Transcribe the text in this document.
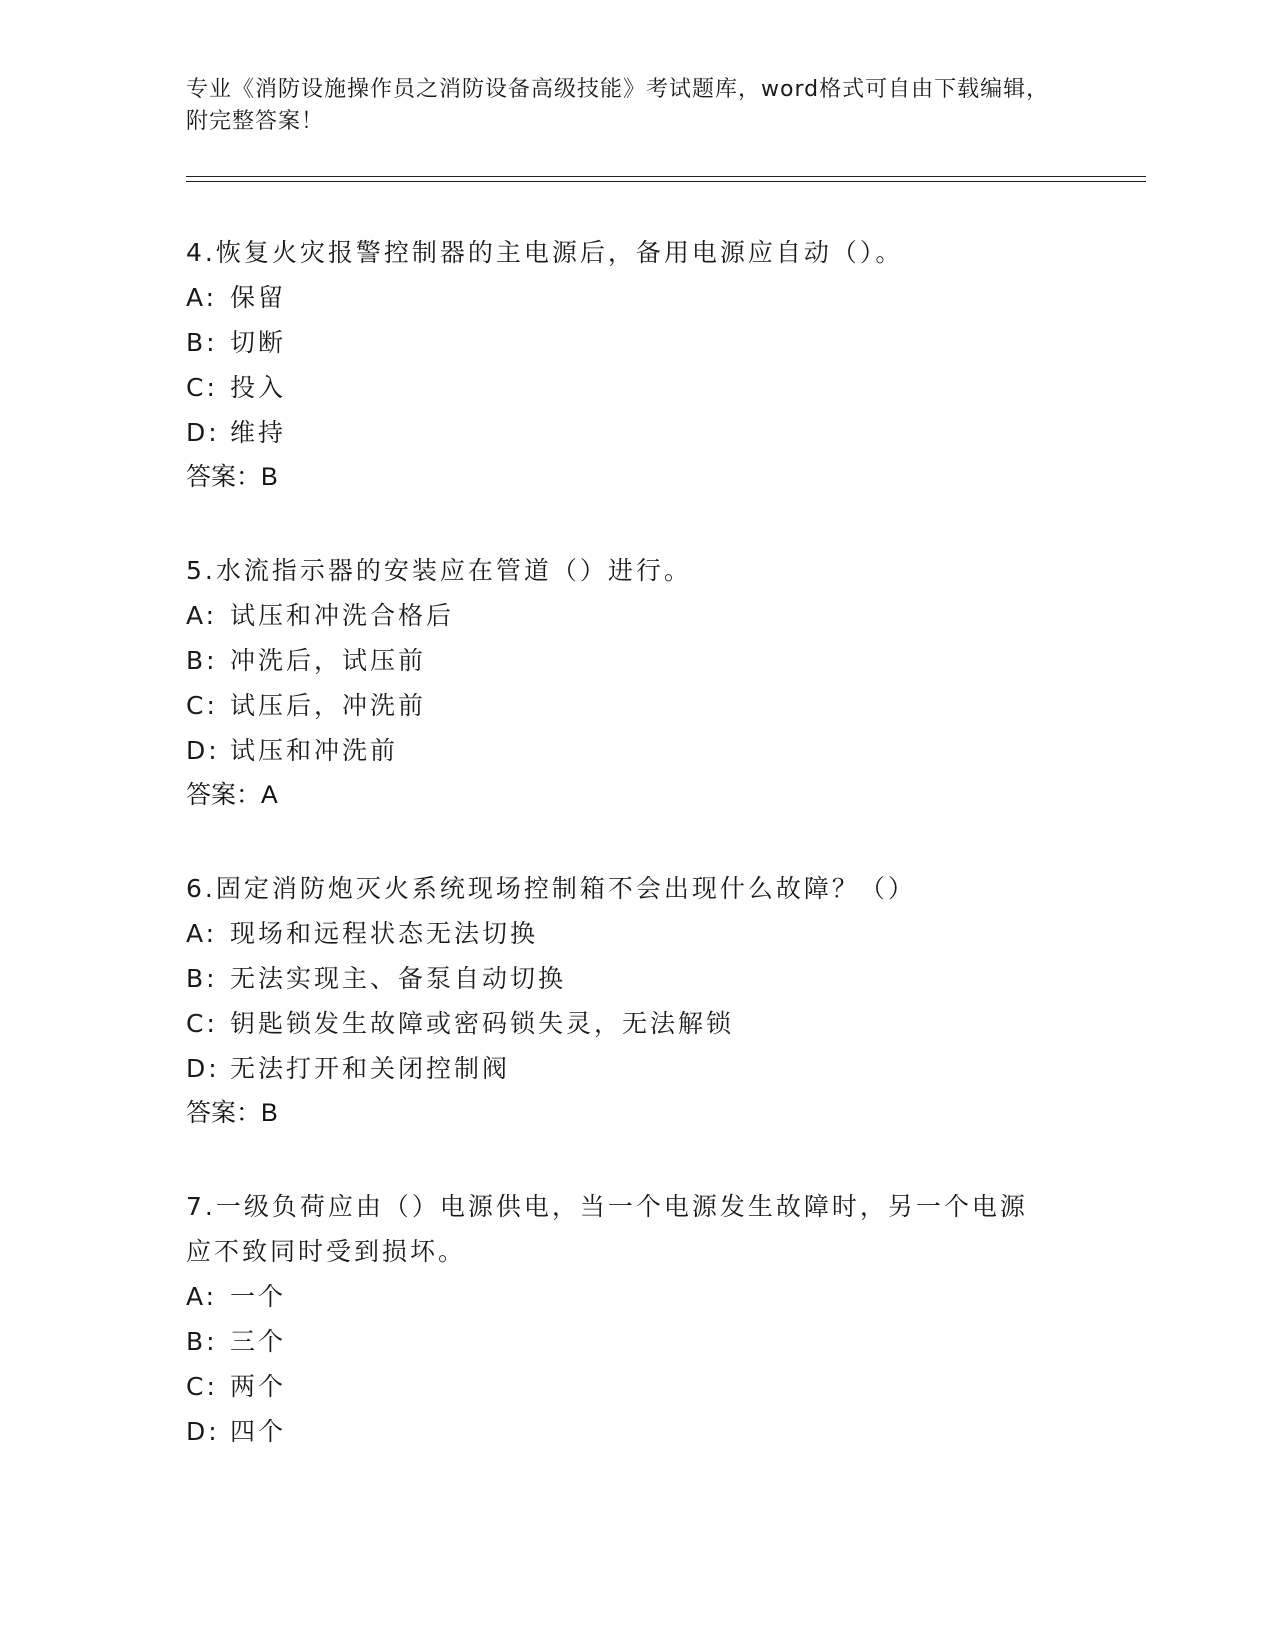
专业《消防设施操作员之消防设备高级技能》考试题库，word格式可自由下载编辑，附完整答案！
4.恢复火灾报警控制器的主电源后，备用电源应自动（）。
A: 保留
B: 切断
C: 投入
D: 维持
答案：B
5.水流指示器的安装应在管道（）进行。
A: 试压和冲洗合格后
B: 冲洗后，试压前
C: 试压后，冲洗前
D: 试压和冲洗前
答案：A
6.固定消防炮灭火系统现场控制箱不会出现什么故障？（）
A: 现场和远程状态无法切换
B: 无法实现主、备泵自动切换
C: 钥匙锁发生故障或密码锁失灵，无法解锁
D: 无法打开和关闭控制阀
答案：B
7.一级负荷应由（）电源供电，当一个电源发生故障时，另一个电源应不致同时受到损坏。
A: 一个
B: 三个
C: 两个
D: 四个
